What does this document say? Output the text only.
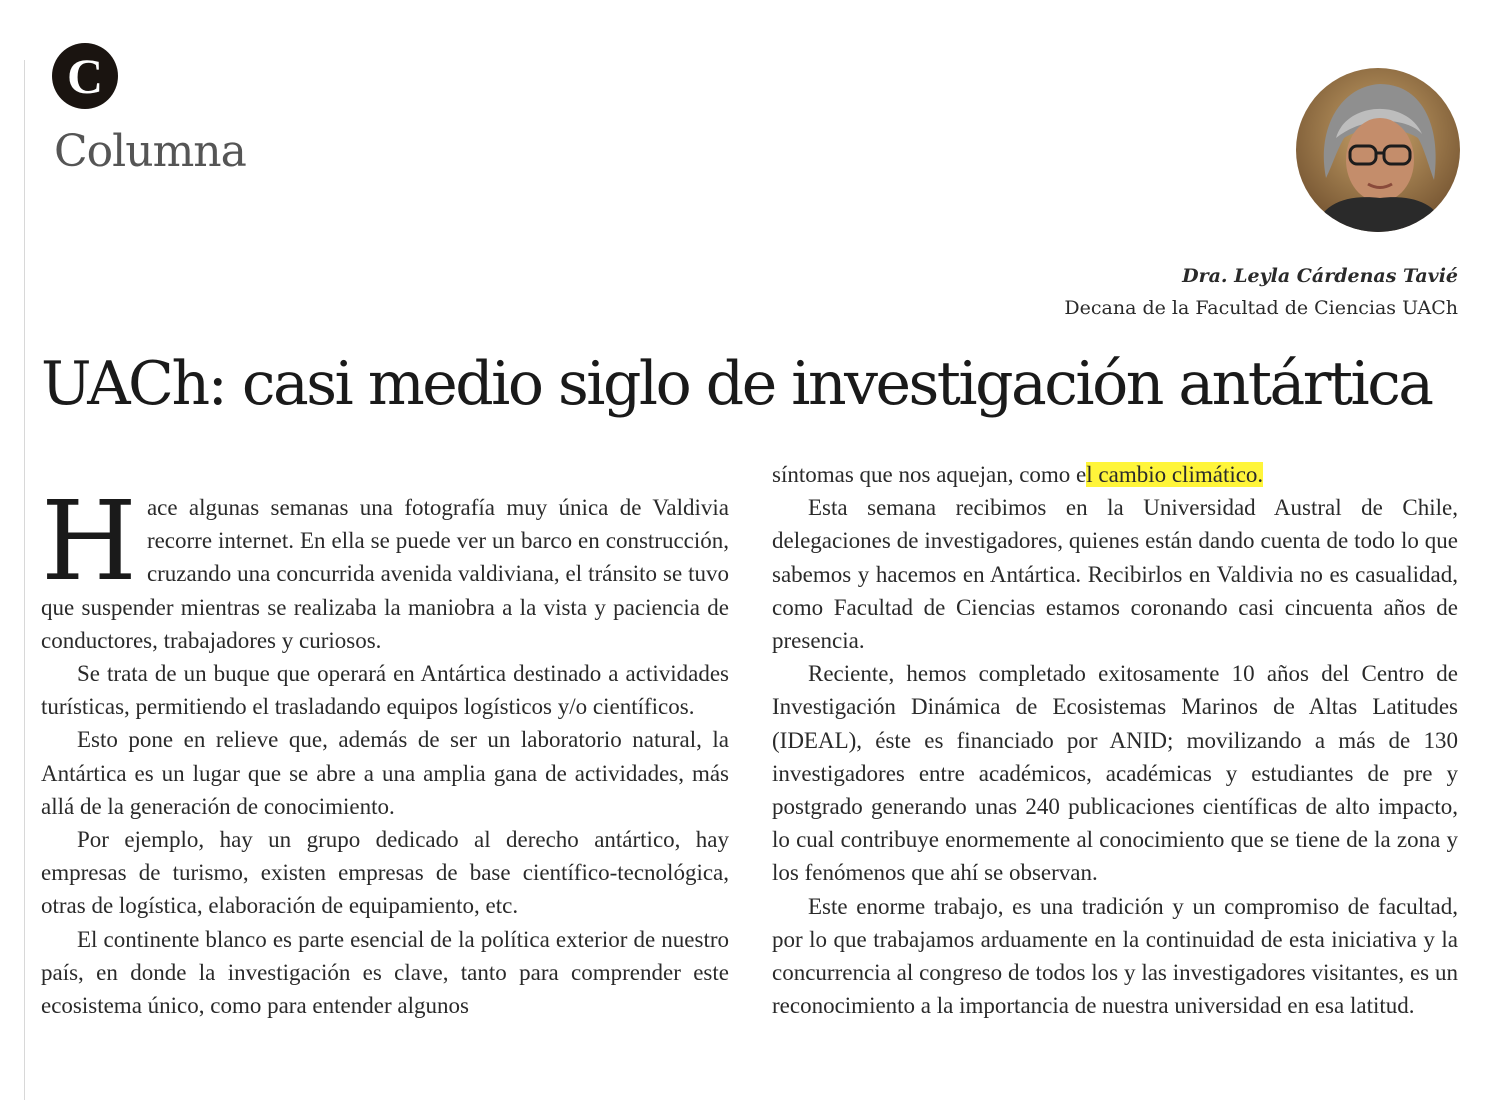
C
Columna
Dra. Leyla Cárdenas Tavié
Decana de la Facultad de Ciencias UACh
UACh: casi medio siglo de investigación antártica

Hace algunas semanas una fotografía muy única de Valdivia recorre internet. En ella se puede ver un barco en construcción, cruzando una concurrida avenida valdiviana, el tránsito se tuvo que suspender mientras se realizaba la maniobra a la vista y paciencia de conductores, trabajadores y curiosos.

Se trata de un buque que operará en Antártica destinado a actividades turísticas, permitiendo el trasladando equipos logísticos y/o científicos.

Esto pone en relieve que, además de ser un laboratorio natural, la Antártica es un lugar que se abre a una amplia gana de actividades, más allá de la generación de conocimiento.

Por ejemplo, hay un grupo dedicado al derecho antártico, hay empresas de turismo, existen empresas de base científico-tecnológica, otras de logística, elaboración de equipamiento, etc.

El continente blanco es parte esencial de la política exterior de nuestro país, en donde la investigación es clave, tanto para comprender este ecosistema único, como para entender algunos

síntomas que nos aquejan, como el cambio climático.

Esta semana recibimos en la Universidad Austral de Chile, delegaciones de investigadores, quienes están dando cuenta de todo lo que sabemos y hacemos en Antártica. Recibirlos en Valdivia no es casualidad, como Facultad de Ciencias estamos coronando casi cincuenta años de presencia.

Reciente, hemos completado exitosamente 10 años del Centro de Investigación Dinámica de Ecosistemas Marinos de Altas Latitudes (IDEAL), éste es financiado por ANID; movilizando a más de 130 investigadores entre académicos, académicas y estudiantes de pre y postgrado generando unas 240 publicaciones científicas de alto impacto, lo cual contribuye enormemente al conocimiento que se tiene de la zona y los fenómenos que ahí se observan.

Este enorme trabajo, es una tradición y un compromiso de facultad, por lo que trabajamos arduamente en la continuidad de esta iniciativa y la concurrencia al congreso de todos los y las investigadores visitantes, es un reconocimiento a la importancia de nuestra universidad en esa latitud.
